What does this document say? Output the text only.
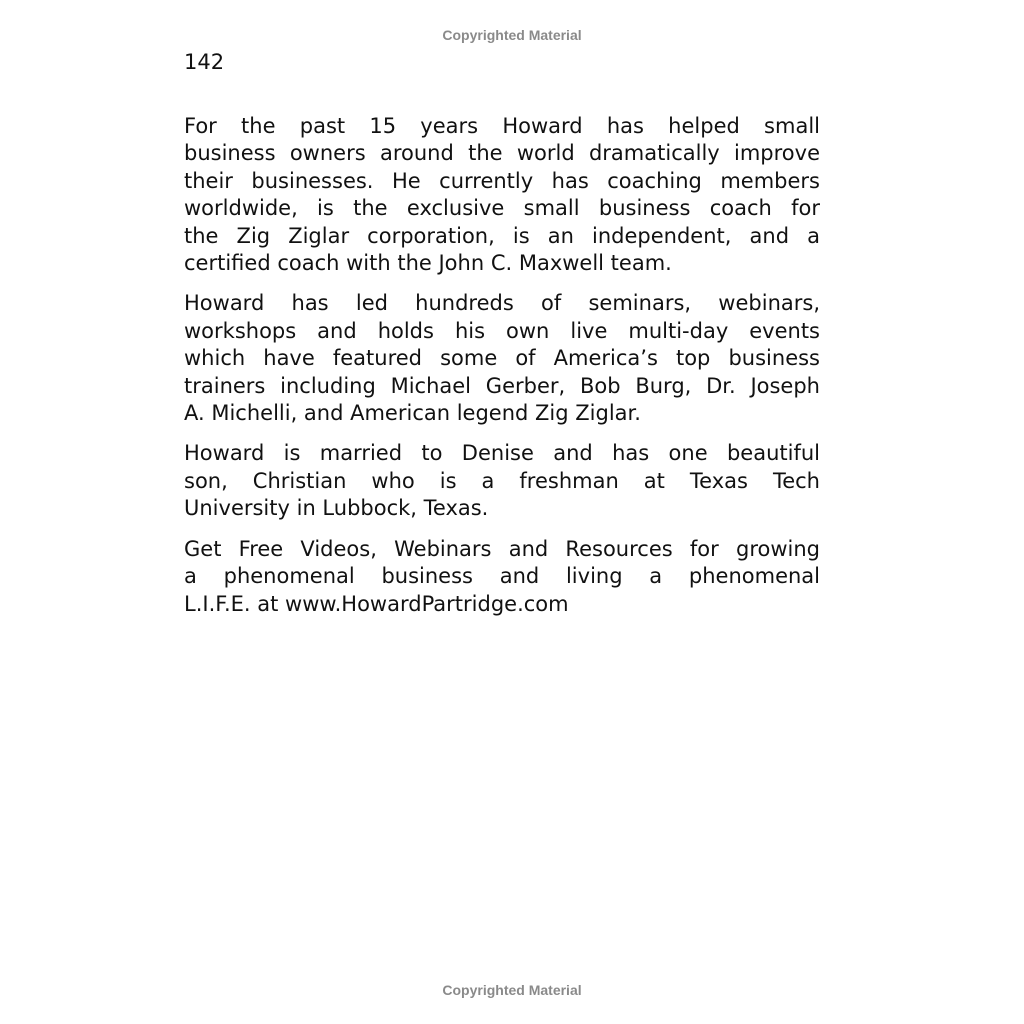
Copyrighted Material
142

For the past 15 years Howard has helped small
business owners around the world dramatically improve
their businesses. He currently has coaching members
worldwide, is the exclusive small business coach for
the Zig Ziglar corporation, is an independent, and a
certified coach with the John C. Maxwell team.

Howard has led hundreds of seminars, webinars,
workshops and holds his own live multi-day events
which have featured some of America’s top business
trainers including Michael Gerber, Bob Burg, Dr. Joseph
A. Michelli, and American legend Zig Ziglar.

Howard is married to Denise and has one beautiful
son, Christian who is a freshman at Texas Tech
University in Lubbock, Texas.

Get Free Videos, Webinars and Resources for growing
a phenomenal business and living a phenomenal
L.I.F.E. at www.HowardPartridge.com

Copyrighted Material
